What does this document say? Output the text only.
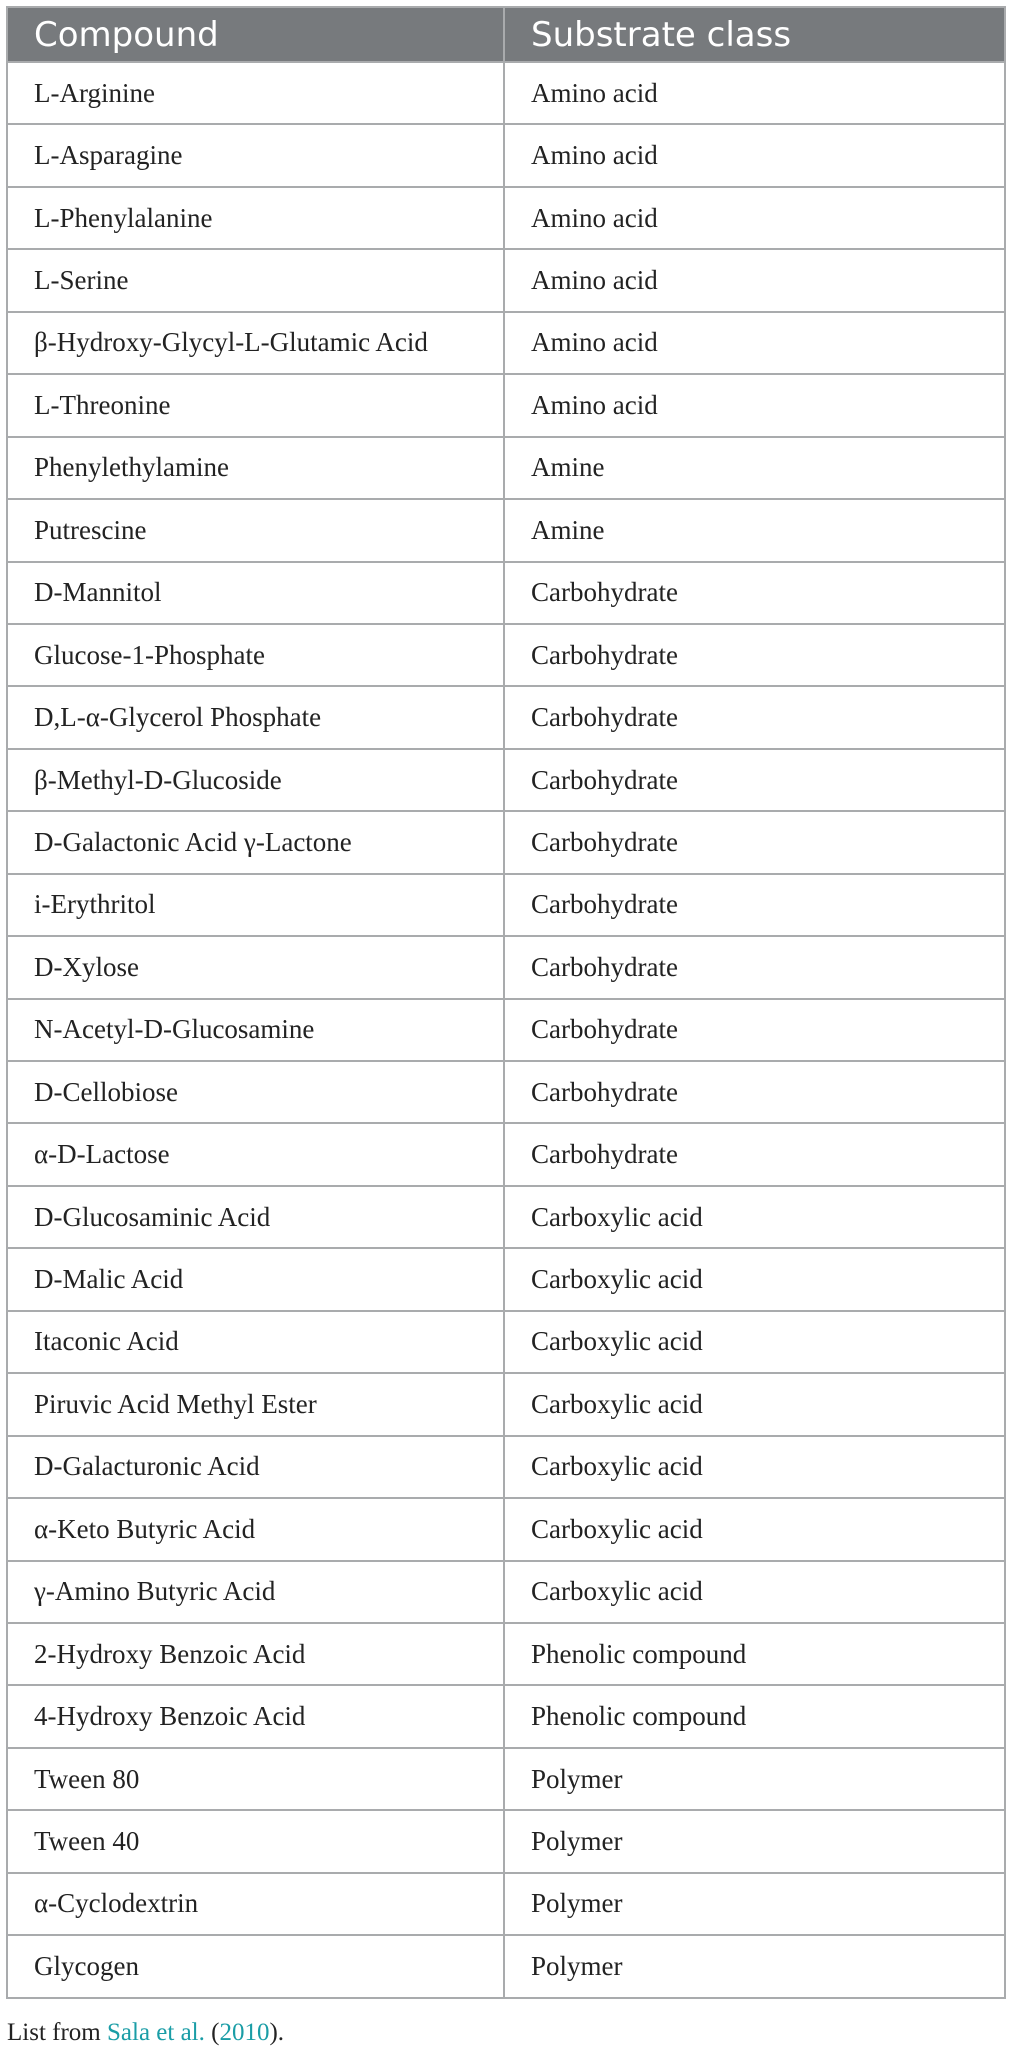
Compound	Substrate class
L-Arginine	Amino acid
L-Asparagine	Amino acid
L-Phenylalanine	Amino acid
L-Serine	Amino acid
β-Hydroxy-Glycyl-L-Glutamic Acid	Amino acid
L-Threonine	Amino acid
Phenylethylamine	Amine
Putrescine	Amine
D-Mannitol	Carbohydrate
Glucose-1-Phosphate	Carbohydrate
D,L-α-Glycerol Phosphate	Carbohydrate
β-Methyl-D-Glucoside	Carbohydrate
D-Galactonic Acid γ-Lactone	Carbohydrate
i-Erythritol	Carbohydrate
D-Xylose	Carbohydrate
N-Acetyl-D-Glucosamine	Carbohydrate
D-Cellobiose	Carbohydrate
α-D-Lactose	Carbohydrate
D-Glucosaminic Acid	Carboxylic acid
D-Malic Acid	Carboxylic acid
Itaconic Acid	Carboxylic acid
Piruvic Acid Methyl Ester	Carboxylic acid
D-Galacturonic Acid	Carboxylic acid
α-Keto Butyric Acid	Carboxylic acid
γ-Amino Butyric Acid	Carboxylic acid
2-Hydroxy Benzoic Acid	Phenolic compound
4-Hydroxy Benzoic Acid	Phenolic compound
Tween 80	Polymer
Tween 40	Polymer
α-Cyclodextrin	Polymer
Glycogen	Polymer
List from Sala et al. (2010).
